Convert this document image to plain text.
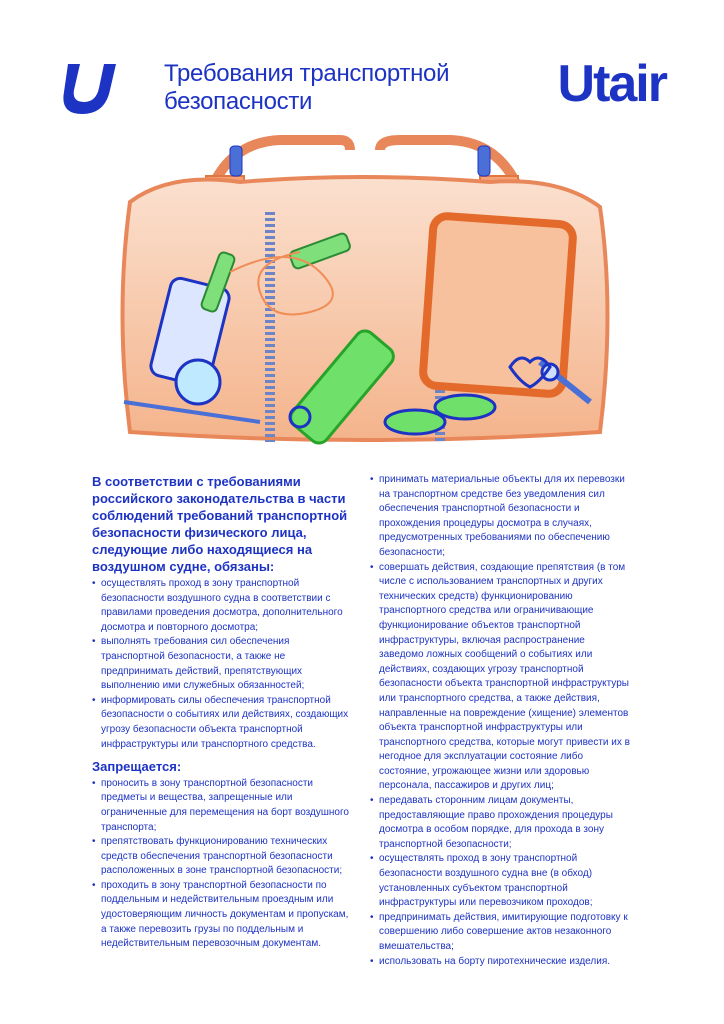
Требования транспортной безопасности	Utair

В соответствии с требованиями российского законодательства в части соблюдений требований транспортной безопасности физического лица, следующие либо находящиеся на воздушном судне, обязаны:

• осуществлять проход в зону транспортной безопасности воздушного судна в соответствии с правилами проведения досмотра, дополнительного досмотра и повторного досмотра;
• выполнять требования сил обеспечения транспортной безопасности, а также не предпринимать действий, препятствующих выполнению ими служебных обязанностей;
• информировать силы обеспечения транспортной безопасности о событиях или действиях, создающих угрозу безопасности объекта транспортной инфраструктуры или транспортного средства.
Запрещается:
• проносить в зону транспортной безопасности предметы и вещества, запрещенные или ограниченные для перемещения на борт воздушного транспорта;
• препятствовать функционированию технических средств обеспечения транспортной безопасности расположенных в зоне транспортной безопасности;
• проходить в зону транспортной безопасности по поддельным и недействительным проездным или удостоверяющим личность документам и пропускам, а также перевозить грузы по поддельным и недействительным перевозочным документам.
• принимать материальные объекты для их перевозки на транспортном средстве без уведомления сил обеспечения транспортной безопасности и прохождения процедуры досмотра в случаях, предусмотренных требованиями по обеспечению безопасности;
• совершать действия, создающие препятствия (в том числе с использованием транспортных и других технических средств) функционированию транспортного средства или ограничивающие функционирование объектов транспортной инфраструктуры, включая распространение заведомо ложных сообщений о событиях или действиях, создающих угрозу транспортной безопасности объекта транспортной инфраструктуры или транспортного средства, а также действия, направленные на повреждение (хищение) элементов объекта транспортной инфраструктуры или транспортного средства, которые могут привести их в негодное для эксплуатации состояние либо состояние, угрожающее жизни или здоровью персонала, пассажиров и других лиц;
• передавать сторонним лицам документы, предоставляющие право прохождения процедуры досмотра в особом порядке, для прохода в зону транспортной безопасности;
• осуществлять проход в зону транспортной безопасности воздушного судна вне (в обход) установленных субъектом транспортной инфраструктуры или перевозчиком проходов;
• предпринимать действия, имитирующие подготовку к совершению либо совершение актов незаконного вмешательства;
• использовать на борту пиротехнические изделия.
